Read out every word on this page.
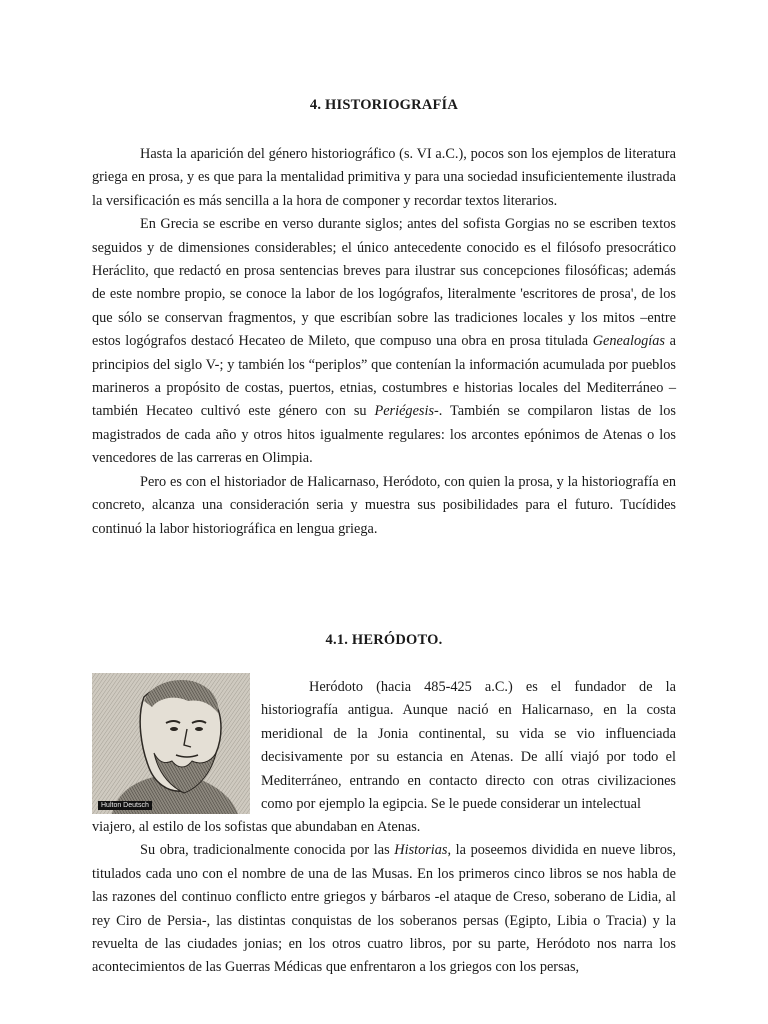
4. HISTORIOGRAFÍA

Hasta la aparición del género historiográfico (s. VI a.C.), pocos son los ejemplos de literatura griega en prosa, y es que para la mentalidad primitiva y para una sociedad insuficientemente ilustrada la versificación es más sencilla a la hora de componer y recordar textos literarios.

En Grecia se escribe en verso durante siglos; antes del sofista Gorgias no se escriben textos seguidos y de dimensiones considerables; el único antecedente conocido es el filósofo presocrático Heráclito, que redactó en prosa sentencias breves para ilustrar sus concepciones filosóficas; además de este nombre propio, se conoce la labor de los logógrafos, literalmente 'escritores de prosa', de los que sólo se conservan fragmentos, y que escribían sobre las tradiciones locales y los mitos –entre estos logógrafos destacó Hecateo de Mileto, que compuso una obra en prosa titulada Genealogías a principios del siglo V-; y también los “periplos” que contenían la información acumulada por pueblos marineros a propósito de costas, puertos, etnias, costumbres e historias locales del Mediterráneo –también Hecateo cultivó este género con su Periégesis-. También se compilaron listas de los magistrados de cada año y otros hitos igualmente regulares: los arcontes epónimos de Atenas o los vencedores de las carreras en Olimpia.

Pero es con el historiador de Halicarnaso, Heródoto, con quien la prosa, y la historiografía en concreto, alcanza una consideración seria y muestra sus posibilidades para el futuro. Tucídides continuó la labor historiográfica en lengua griega.

4.1. HERÓDOTO.
Hulton Deutsch

Heródoto (hacia 485-425 a.C.) es el fundador de la historiografía antigua. Aunque nació en Halicarnaso, en la costa meridional de la Jonia continental, su vida se vio influenciada decisivamente por su estancia en Atenas. De allí viajó por todo el Mediterráneo, entrando en contacto directo con otras civilizaciones como por ejemplo la egipcia. Se le puede considerar un intelectual

viajero, al estilo de los sofistas que abundaban en Atenas.

Su obra, tradicionalmente conocida por las Historias, la poseemos dividida en nueve libros, titulados cada uno con el nombre de una de las Musas. En los primeros cinco libros se nos habla de las razones del continuo conflicto entre griegos y bárbaros -el ataque de Creso, soberano de Lidia, al rey Ciro de Persia-, las distintas conquistas de los soberanos persas (Egipto, Libia o Tracia) y la revuelta de las ciudades jonias; en los otros cuatro libros, por su parte, Heródoto nos narra los acontecimientos de las Guerras Médicas que enfrentaron a los griegos con los persas,
